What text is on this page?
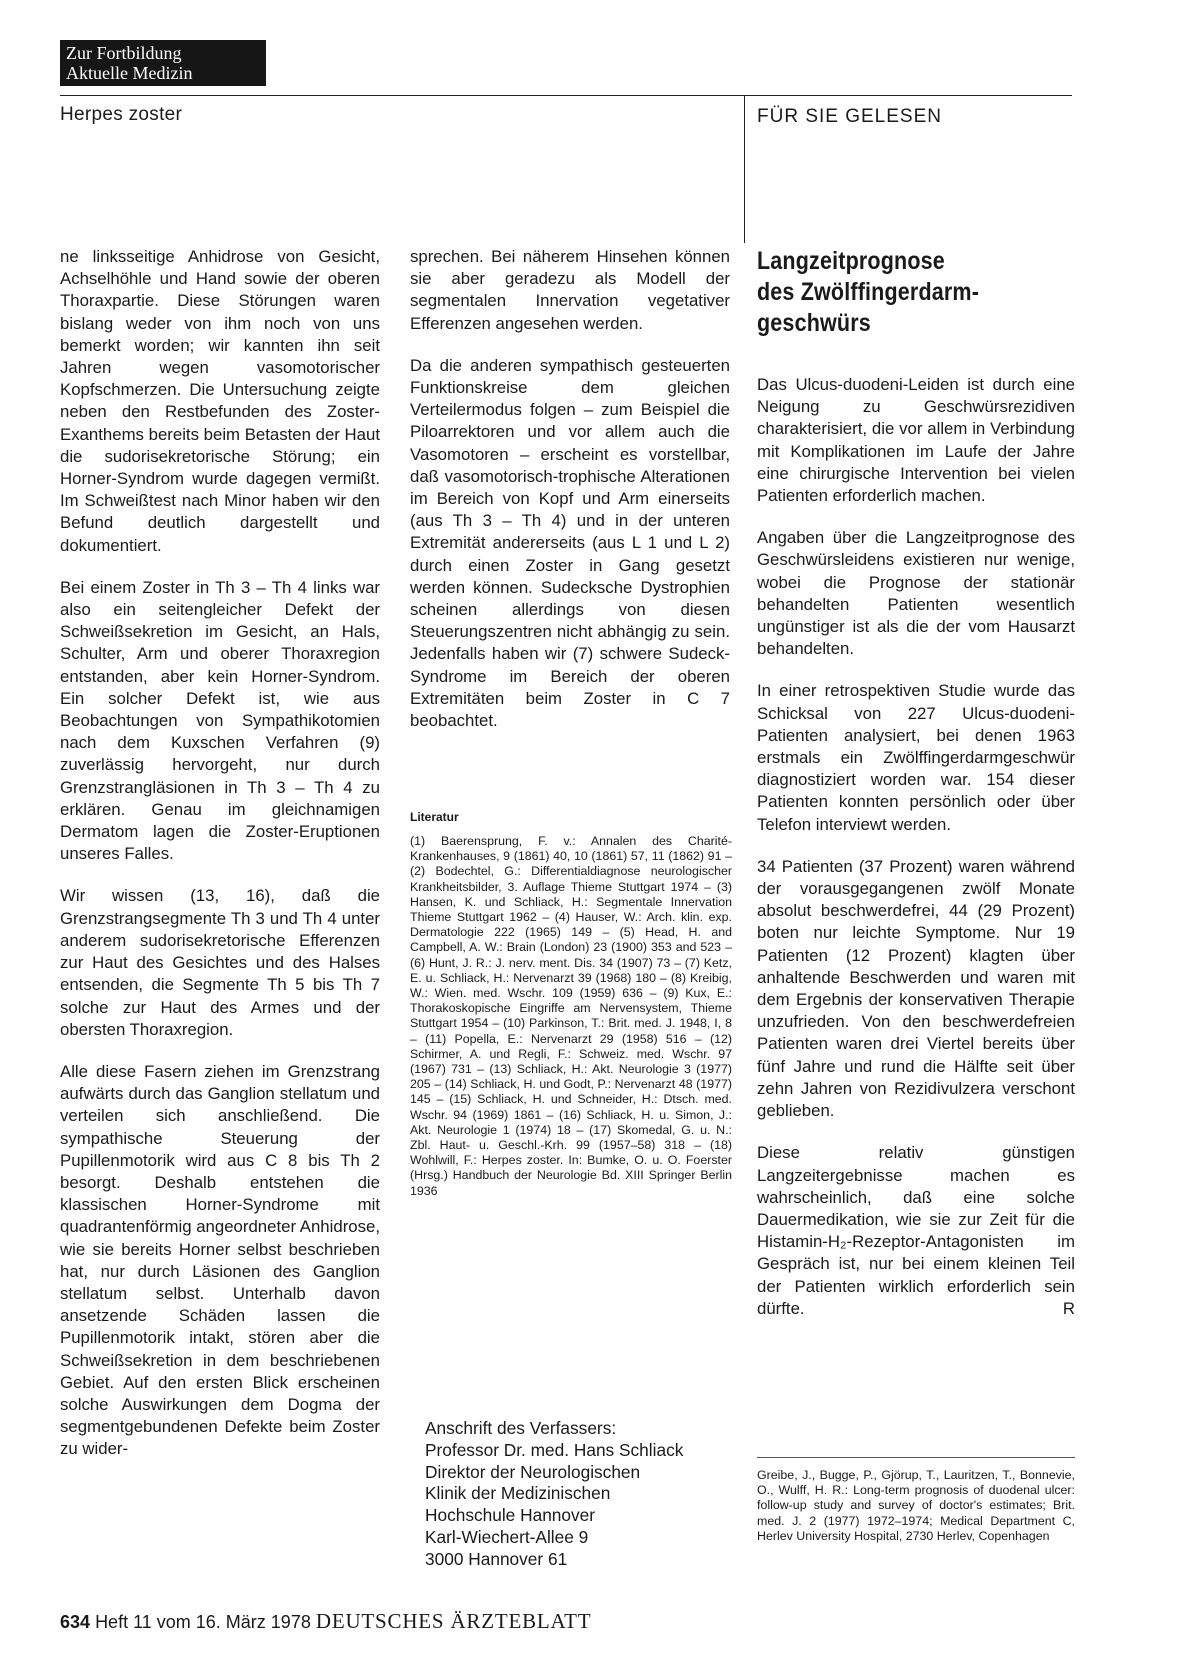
Zur Fortbildung
Aktuelle Medizin
Herpes zoster	FÜR SIE GELESEN

ne linksseitige Anhidrose von Gesicht, Achselhöhle und Hand sowie der oberen Thoraxpartie. Diese Störungen waren bislang weder von ihm noch von uns bemerkt worden; wir kannten ihn seit Jahren wegen vasomotorischer Kopfschmerzen. Die Untersuchung zeigte neben den Restbefunden des Zoster-Exanthems bereits beim Betasten der Haut die sudorisekretorische Störung; ein Horner-Syndrom wurde dagegen vermißt. Im Schweißtest nach Minor haben wir den Befund deutlich dargestellt und dokumentiert.

Bei einem Zoster in Th 3 – Th 4 links war also ein seitengleicher Defekt der Schweißsekretion im Gesicht, an Hals, Schulter, Arm und oberer Thoraxregion entstanden, aber kein Horner-Syndrom. Ein solcher Defekt ist, wie aus Beobachtungen von Sympathikotomien nach dem Kuxschen Verfahren (9) zuverlässig hervorgeht, nur durch Grenzstrangläsionen in Th 3 – Th 4 zu erklären. Genau im gleichnamigen Dermatom lagen die Zoster-Eruptionen unseres Falles.

Wir wissen (13, 16), daß die Grenzstrangsegmente Th 3 und Th 4 unter anderem sudorisekretorische Efferenzen zur Haut des Gesichtes und des Halses entsenden, die Segmente Th 5 bis Th 7 solche zur Haut des Armes und der obersten Thoraxregion.

Alle diese Fasern ziehen im Grenzstrang aufwärts durch das Ganglion stellatum und verteilen sich anschließend. Die sympathische Steuerung der Pupillenmotorik wird aus C 8 bis Th 2 besorgt. Deshalb entstehen die klassischen Horner-Syndrome mit quadrantenförmig angeordneter Anhidrose, wie sie bereits Horner selbst beschrieben hat, nur durch Läsionen des Ganglion stellatum selbst. Unterhalb davon ansetzende Schäden lassen die Pupillenmotorik intakt, stören aber die Schweißsekretion in dem beschriebenen Gebiet. Auf den ersten Blick erscheinen solche Auswirkungen dem Dogma der segmentgebundenen Defekte beim Zoster zu wider-

sprechen. Bei näherem Hinsehen können sie aber geradezu als Modell der segmentalen Innervation vegetativer Efferenzen angesehen werden.

Da die anderen sympathisch gesteuerten Funktionskreise dem gleichen Verteilermodus folgen – zum Beispiel die Piloarrektoren und vor allem auch die Vasomotoren – erscheint es vorstellbar, daß vasomotorisch-trophische Alterationen im Bereich von Kopf und Arm einerseits (aus Th 3 – Th 4) und in der unteren Extremität andererseits (aus L 1 und L 2) durch einen Zoster in Gang gesetzt werden können. Sudecksche Dystrophien scheinen allerdings von diesen Steuerungszentren nicht abhängig zu sein. Jedenfalls haben wir (7) schwere Sudeck-Syndrome im Bereich der oberen Extremitäten beim Zoster in C 7 beobachtet.

Literatur
(1) Baerensprung, F. v.: Annalen des Charité-Krankenhauses, 9 (1861) 40, 10 (1861) 57, 11 (1862) 91 – (2) Bodechtel, G.: Differentialdiagnose neurologischer Krankheitsbilder, 3. Auflage Thieme Stuttgart 1974 – (3) Hansen, K. und Schliack, H.: Segmentale Innervation Thieme Stuttgart 1962 – (4) Hauser, W.: Arch. klin. exp. Dermatologie 222 (1965) 149 – (5) Head, H. and Campbell, A. W.: Brain (London) 23 (1900) 353 and 523 – (6) Hunt, J. R.: J. nerv. ment. Dis. 34 (1907) 73 – (7) Ketz, E. u. Schliack, H.: Nervenarzt 39 (1968) 180 – (8) Kreibig, W.: Wien. med. Wschr. 109 (1959) 636 – (9) Kux, E.: Thorakoskopische Eingriffe am Nervensystem, Thieme Stuttgart 1954 – (10) Parkinson, T.: Brit. med. J. 1948, I, 8 – (11) Popella, E.: Nervenarzt 29 (1958) 516 – (12) Schirmer, A. und Regli, F.: Schweiz. med. Wschr. 97 (1967) 731 – (13) Schliack, H.: Akt. Neurologie 3 (1977) 205 – (14) Schliack, H. und Godt, P.: Nervenarzt 48 (1977) 145 – (15) Schliack, H. und Schneider, H.: Dtsch. med. Wschr. 94 (1969) 1861 – (16) Schliack, H. u. Simon, J.: Akt. Neurologie 1 (1974) 18 – (17) Skomedal, G. u. N.: Zbl. Haut- u. Geschl.-Krh. 99 (1957–58) 318 – (18) Wohlwill, F.: Herpes zoster. In: Bumke, O. u. O. Foerster (Hrsg.) Handbuch der Neurologie Bd. XIII Springer Berlin 1936
Anschrift des Verfassers:
Professor Dr. med. Hans Schliack
Direktor der Neurologischen
Klinik der Medizinischen
Hochschule Hannover
Karl-Wiechert-Allee 9
3000 Hannover 61
Langzeitprognose
des Zwölffingerdarm-
geschwürs

Das Ulcus-duodeni-Leiden ist durch eine Neigung zu Geschwürsrezidiven charakterisiert, die vor allem in Verbindung mit Komplikationen im Laufe der Jahre eine chirurgische Intervention bei vielen Patienten erforderlich machen.

Angaben über die Langzeitprognose des Geschwürsleidens existieren nur wenige, wobei die Prognose der stationär behandelten Patienten wesentlich ungünstiger ist als die der vom Hausarzt behandelten.

In einer retrospektiven Studie wurde das Schicksal von 227 Ulcus-duodeni-Patienten analysiert, bei denen 1963 erstmals ein Zwölffingerdarmgeschwür diagnostiziert worden war. 154 dieser Patienten konnten persönlich oder über Telefon interviewt werden.

34 Patienten (37 Prozent) waren während der vorausgegangenen zwölf Monate absolut beschwerdefrei, 44 (29 Prozent) boten nur leichte Symptome. Nur 19 Patienten (12 Prozent) klagten über anhaltende Beschwerden und waren mit dem Ergebnis der konservativen Therapie unzufrieden. Von den beschwerdefreien Patienten waren drei Viertel bereits über fünf Jahre und rund die Hälfte seit über zehn Jahren von Rezidivulzera verschont geblieben.

Diese relativ günstigen Langzeitergebnisse machen es wahrscheinlich, daß eine solche Dauermedikation, wie sie zur Zeit für die Histamin-H₂-Rezeptor-Antagonisten im Gespräch ist, nur bei einem kleinen Teil der Patienten wirklich erforderlich sein dürfte.	R

Greibe, J., Bugge, P., Gjörup, T., Lauritzen, T., Bonnevie, O., Wulff, H. R.: Long-term prognosis of duodenal ulcer: follow-up study and survey of doctor's estimates; Brit. med. J. 2 (1977) 1972–1974; Medical Department C, Herlev University Hospital, 2730 Herlev, Copenhagen
634 Heft 11 vom 16. März 1978 DEUTSCHES ÄRZTEBLATT
